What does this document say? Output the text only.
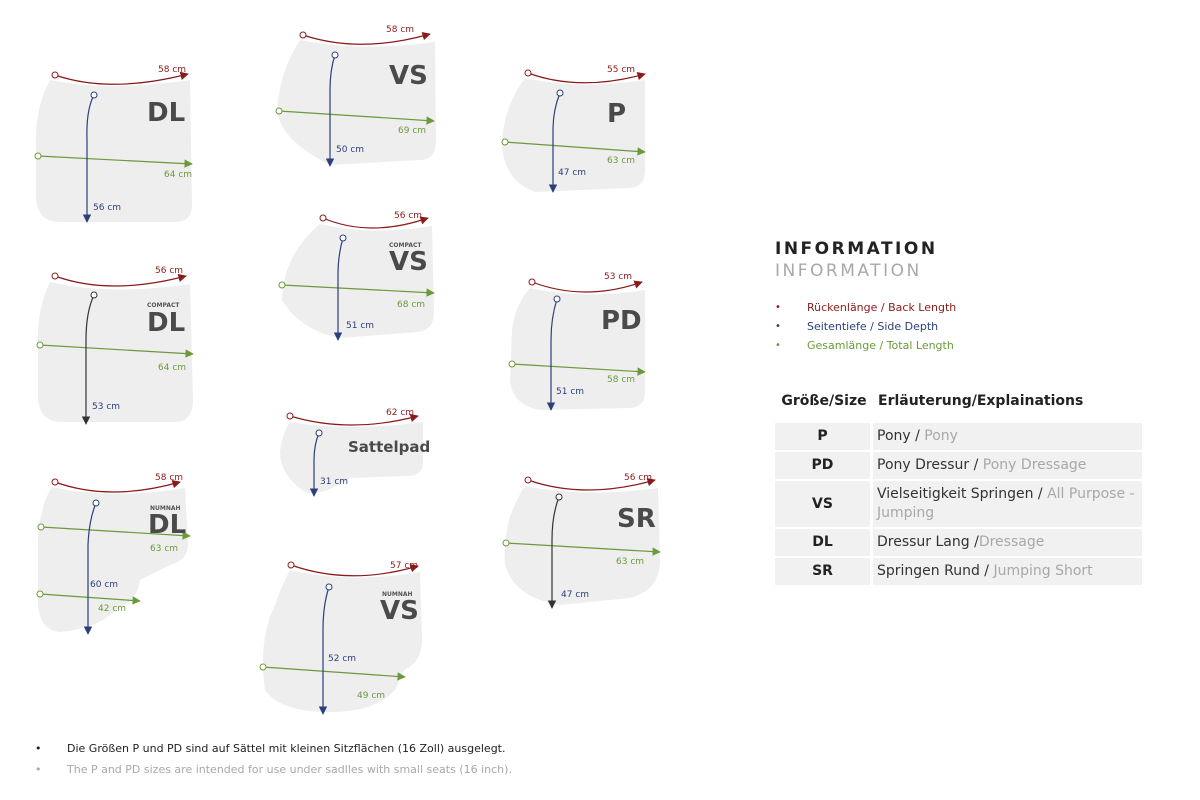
DL
58 cm
64 cm
56 cm
VS
58 cm
69 cm
50 cm
P
55 cm
63 cm
47 cm
COMPACT
DL
56 cm
64 cm
53 cm
COMPACT
VS
56 cm
68 cm
51 cm	PD
53 cm
58 cm
51 cm
Sattelpad
62 cm
31 cm
NUMNAH
DL
58 cm
63 cm
60 cm
42 cm
SR
56 cm
63 cm
47 cm
NUMNAH
VS
57 cm
49 cm
52 cm

INFORMATION

INFORMATION

• Rückenlänge / Back Length
• Seitentiefe / Side Depth
• Gesamlänge / Total Length
Größe/Size	Erläuterung/Explainations
P	Pony / Pony
PD	Pony Dressur / Pony Dressage
VS	Vielseitigkeit Springen / All Purpose - Jumping
DL	Dressur Lang /Dressage
SR	Springen Rund / Jumping Short

• Die Größen P und PD sind auf Sättel mit kleinen Sitzflächen (16 Zoll) ausgelegt.

• The P and PD sizes are intended for use under sadlles with small seats (16 inch).
